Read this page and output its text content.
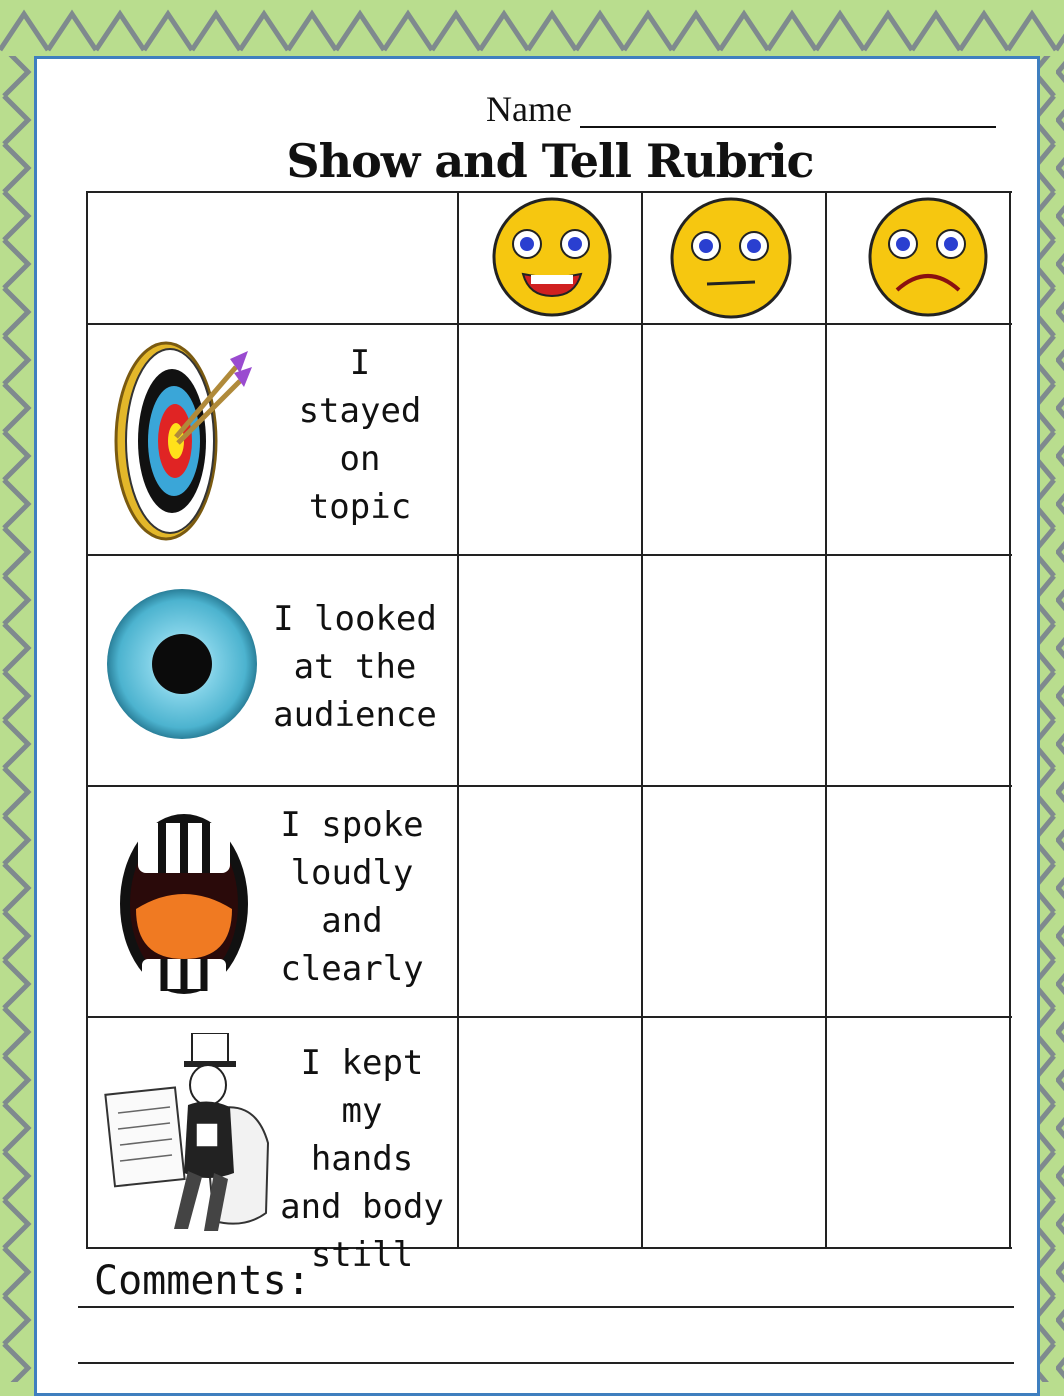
Name
Show and Tell Rubric
I
stayed
on
topic
I looked
at the
audience
I spoke
loudly
and
clearly
I kept my
hands
and body
still
Comments:
